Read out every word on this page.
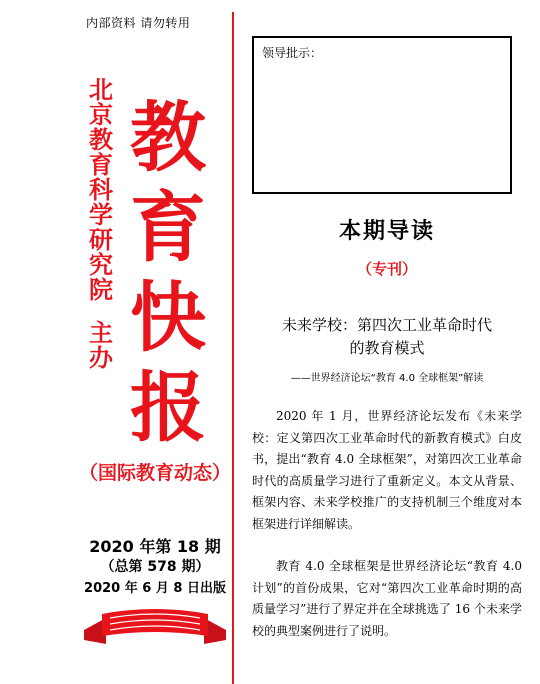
内部资料 请勿转用
北
京
教
育
科
学
研
究
院
主
办
教
育
快
报
（国际教育动态）
2020 年第 18 期
（总第 578 期）
2020 年 6 月 8 日出版
领导批示：
本期导读
（专刊）
未来学校：第四次工业革命时代
的教育模式
——世界经济论坛“教育 4.0 全球框架”解读
2020 年 1 月，世界经济论坛发布《未来学校：定义第四次工业革命时代的新教育模式》白皮书，提出“教育 4.0 全球框架”，对第四次工业革命时代的高质量学习进行了重新定义。本文从背景、框架内容、未来学校推广的支持机制三个维度对本框架进行详细解读。
教育 4.0 全球框架是世界经济论坛“教育 4.0 计划”的首份成果，它对“第四次工业革命时期的高质量学习”进行了界定并在全球挑选了 16 个未来学校的典型案例进行了说明。
